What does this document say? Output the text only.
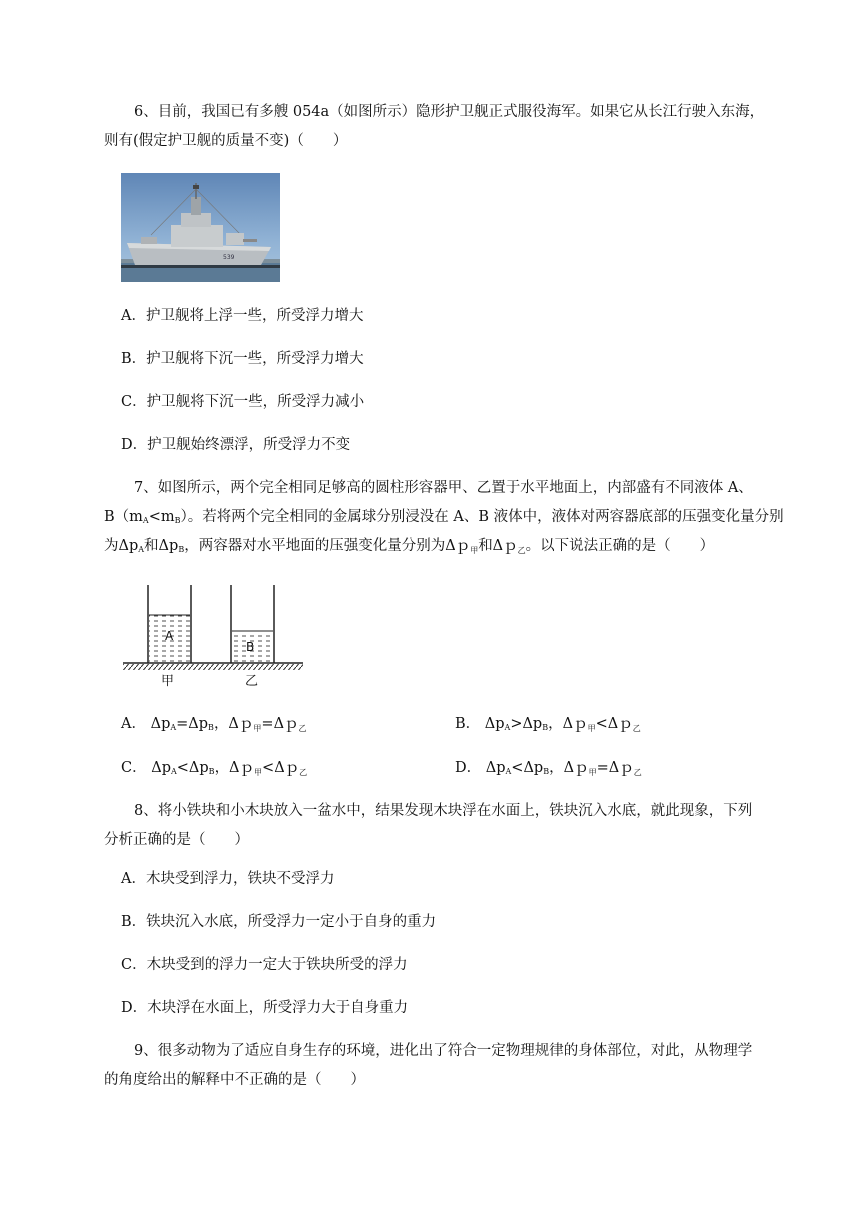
6、目前，我国已有多艘 054a（如图所示）隐形护卫舰正式服役海军。如果它从长江行驶入东海，
则有(假定护卫舰的质量不变)（　　）
539
A．护卫舰将上浮一些，所受浮力增大
B．护卫舰将下沉一些，所受浮力增大
C．护卫舰将下沉一些，所受浮力减小
D．护卫舰始终漂浮，所受浮力不变
7、如图所示，两个完全相同足够高的圆柱形容器甲、乙置于水平地面上，内部盛有不同液体 A、
$B(m_A<m_B)$。若将两个完全相同的金属球分别浸没在 A、B 液体中，液体对两容器底部的压强变化量分别
为$\Delta p_A$和$\Delta p_B$，两容器对水平地面的压强变化量分别为Δｐ$_甲$和Δｐ$_乙$。以下说法正确的是（　　）
A
B
甲	乙
A． $\Delta p_A=\Delta p_B$，Δｐ$_甲$=Δｐ$_乙$	B． $\Delta p_A>\Delta p_B$，Δｐ$_甲$<Δｐ$_乙$
C． $\Delta p_A<\Delta p_B$，Δｐ$_甲$<Δｐ$_乙$	D． $\Delta p_A<\Delta p_B$，Δｐ$_甲$=Δｐ$_乙$
8、将小铁块和小木块放入一盆水中，结果发现木块浮在水面上，铁块沉入水底，就此现象，下列
分析正确的是（　　）
A．木块受到浮力，铁块不受浮力
B．铁块沉入水底，所受浮力一定小于自身的重力
C．木块受到的浮力一定大于铁块所受的浮力
D．木块浮在水面上，所受浮力大于自身重力
9、很多动物为了适应自身生存的环境，进化出了符合一定物理规律的身体部位，对此，从物理学
的角度给出的解释中不正确的是（　　）
